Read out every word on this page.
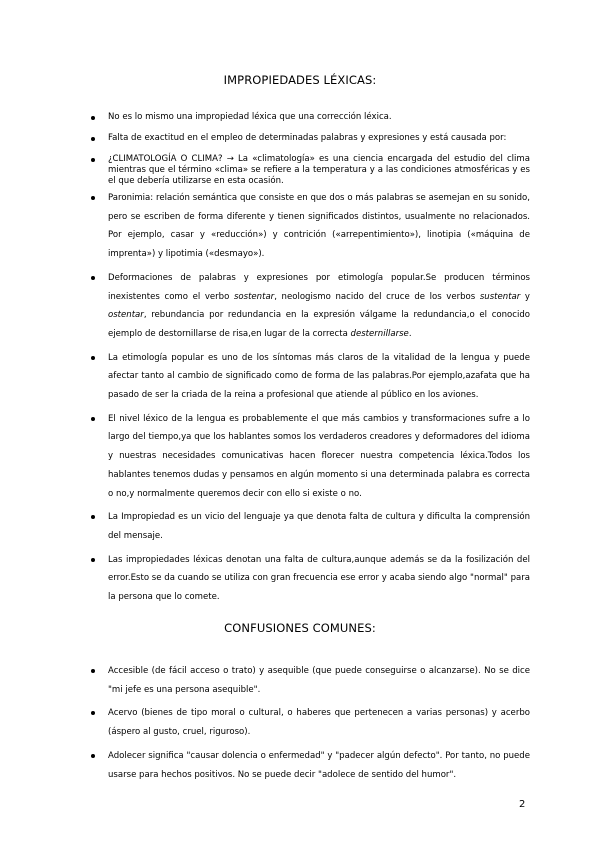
IMPROPIEDADES LÉXICAS:
No es lo mismo una impropiedad léxica que una corrección léxica.
Falta de exactitud en el empleo de determinadas palabras y expresiones y está causada por:
¿CLIMATOLOGÍA O CLIMA? → La «climatología» es una ciencia encargada del estudio del clima mientras que el término «clima» se refiere a la temperatura y a las condiciones atmosféricas y es el que debería utilizarse en esta ocasión.
Paronimia: relación semántica que consiste en que dos o más palabras se asemejan en su sonido, pero se escriben de forma diferente y tienen significados distintos, usualmente no relacionados. Por ejemplo, casar y «reducción») y contrición («arrepentimiento»), linotipia («máquina de imprenta») y lipotimia («desmayo»).
Deformaciones de palabras y expresiones por etimología popular.Se producen términos inexistentes como el verbo sostentar, neologismo nacido del cruce de los verbos sustentar y ostentar, rebundancia por redundancia en la expresión válgame la redundancia,o el conocido ejemplo de destornillarse de risa,en lugar de la correcta desternillarse.
La etimología popular es uno de los síntomas más claros de la vitalidad de la lengua y puede afectar tanto al cambio de significado como de forma de las palabras.Por ejemplo,azafata que ha pasado de ser la criada de la reina a profesional que atiende al público en los aviones.
El nivel léxico de la lengua es probablemente el que más cambios y transformaciones sufre a lo largo del tiempo,ya que los hablantes somos los verdaderos creadores y deformadores del idioma y nuestras necesidades comunicativas hacen florecer nuestra competencia léxica.Todos los hablantes tenemos dudas y pensamos en algún momento si una determinada palabra es correcta o no,y normalmente queremos decir con ello si existe o no.
La Impropiedad es un vicio del lenguaje ya que denota falta de cultura y dificulta la comprensión del mensaje.
Las impropiedades léxicas denotan una falta de cultura,aunque además se da la fosilización del error.Esto se da cuando se utiliza con gran frecuencia ese error y acaba siendo algo "normal" para la persona que lo comete.
CONFUSIONES COMUNES:
Accesible (de fácil acceso o trato) y asequible (que puede conseguirse o alcanzarse). No se dice "mi jefe es una persona asequible".
Acervo (bienes de tipo moral o cultural, o haberes que pertenecen a varias personas) y acerbo (áspero al gusto, cruel, riguroso).
Adolecer significa "causar dolencia o enfermedad" y "padecer algún defecto". Por tanto, no puede usarse para hechos positivos. No se puede decir "adolece de sentido del humor".
2
